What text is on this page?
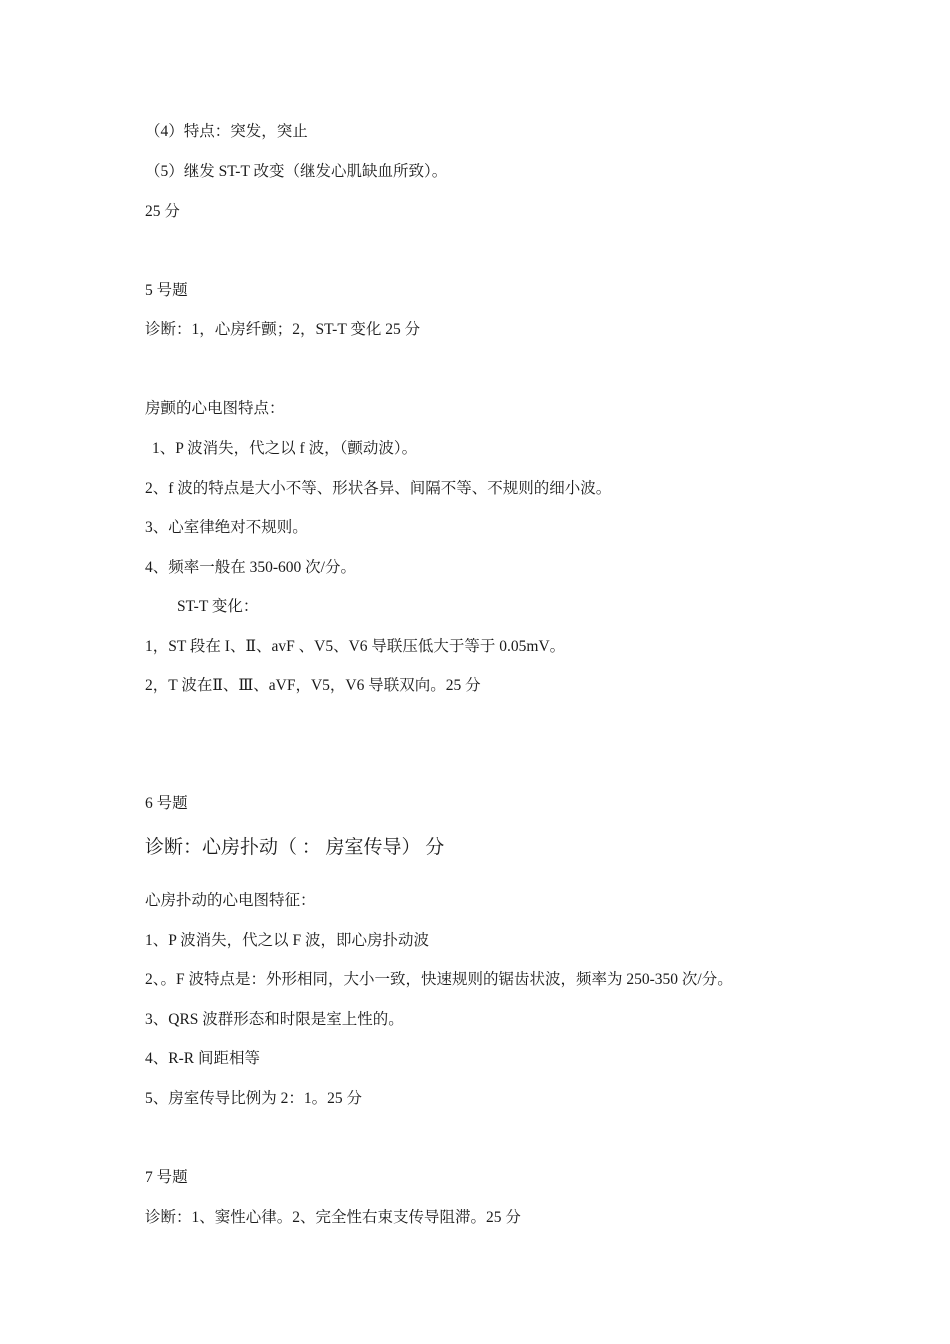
（4）特点：突发，突止
（5）继发 ST-T 改变（继发心肌缺血所致）。
25 分
5 号题
诊断：1，心房纤颤；2，ST-T 变化 25 分
房颤的心电图特点：
1、P 波消失，代之以 f 波，（颤动波）。
2、f 波的特点是大小不等、形状各异、间隔不等、不规则的细小波。
3、心室律绝对不规则。
4、频率一般在 350-600 次/分。
ST-T 变化：
1，ST 段在 I、Ⅱ、avF 、V5、V6 导联压低大于等于 0.05mV。
2，T 波在Ⅱ、Ⅲ、aVF，V5，V6 导联双向。25 分
6 号题
诊断：心房扑动（ ： 房室传导） 分
心房扑动的心电图特征：
1、P 波消失，代之以 F 波，即心房扑动波
2、。F 波特点是：外形相同，大小一致，快速规则的锯齿状波，频率为 250-350 次/分。
3、QRS 波群形态和时限是室上性的。
4、R-R 间距相等
5、房室传导比例为 2：1。25 分
7 号题
诊断：1、窦性心律。2、完全性右束支传导阻滞。25 分
